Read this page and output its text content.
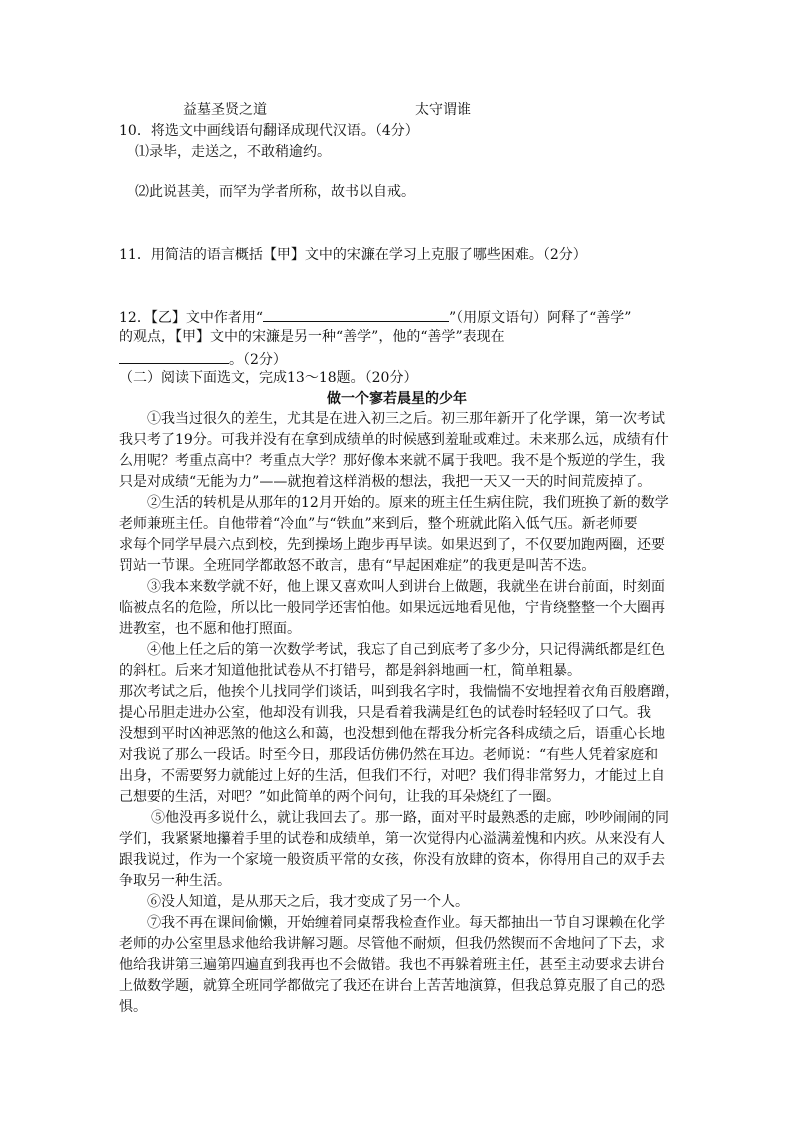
益墓圣贤之道	太守谓谁
10．将选文中画线语句翻译成现代汉语。（4分）
⑴录毕，走送之，不敢稍逾约。
⑵此说甚美，而罕为学者所称，故书以自戒。
11．用简洁的语言概括【甲】文中的宋濂在学习上克服了哪些困难。（2分）
12．【乙】文中作者用“	”（用原文语句）阿释了“善学”
的观点，【甲】文中的宋濂是另一种“善学”，他的“善学”表现在
。（2分）
（二）阅读下面选文，完成13～18题。（20分）
做一个寥若晨星的少年
①我当过很久的差生，尤其是在进入初三之后。初三那年新开了化学课，第一次考试
我只考了19分。可我并没有在拿到成绩单的时候感到羞耻或难过。未来那么远，成绩有什
么用呢？考重点高中？考重点大学？那好像本来就不属于我吧。我不是个叛逆的学生，我
只是对成绩“无能为力”——就抱着这样消极的想法，我把一天又一天的时间荒废掉了。
②生活的转机是从那年的12月开始的。原来的班主任生病住院，我们班换了新的数学
老师兼班主任。自他带着“冷血”与“铁血”来到后，整个班就此陷入低气压。新老师要
求每个同学早晨六点到校，先到操场上跑步再早读。如果迟到了，不仅要加跑两圈，还要
罚站一节课。全班同学都敢怒不敢言，患有“早起困难症”的我更是叫苦不迭。
③我本来数学就不好，他上课又喜欢叫人到讲台上做题，我就坐在讲台前面，时刻面
临被点名的危险，所以比一般同学还害怕他。如果远远地看见他，宁肯绕整整一个大圈再
进教室，也不愿和他打照面。
④他上任之后的第一次数学考试，我忘了自己到底考了多少分，只记得满纸都是红色
的斜杠。后来才知道他批试卷从不打错号，都是斜斜地画一杠，简单粗暴。
那次考试之后，他挨个儿找同学们谈话，叫到我名字时，我惴惴不安地捏着衣角百般磨蹭，
提心吊胆走进办公室，他却没有训我，只是看着我满是红色的试卷时轻轻叹了口气。我
没想到平时凶神恶煞的他这么和蔼，也没想到他在帮我分析完各科成绩之后，语重心长地
对我说了那么一段话。时至今日，那段话仿佛仍然在耳边。老师说：“有些人凭着家庭和
出身，不需要努力就能过上好的生活，但我们不行，对吧？我们得非常努力，才能过上自
己想要的生活，对吧？”如此简单的两个问句，让我的耳朵烧红了一圈。
⑤他没再多说什么，就让我回去了。那一路，面对平时最熟悉的走廊，吵吵闹闹的同
学们，我紧紧地攥着手里的试卷和成绩单，第一次觉得内心溢满羞愧和内疚。从来没有人
跟我说过，作为一个家境一般资质平常的女孩，你没有放肆的资本，你得用自己的双手去
争取另一种生活。
⑥没人知道，是从那天之后，我才变成了另一个人。
⑦我不再在课间偷懒，开始缠着同桌帮我检查作业。每天都抽出一节自习课赖在化学
老师的办公室里恳求他给我讲解习题。尽管他不耐烦，但我仍然锲而不舍地问了下去，求
他给我讲第三遍第四遍直到我再也不会做错。我也不再躲着班主任，甚至主动要求去讲台
上做数学题，就算全班同学都做完了我还在讲台上苦苦地演算，但我总算克服了自己的恐
惧。
